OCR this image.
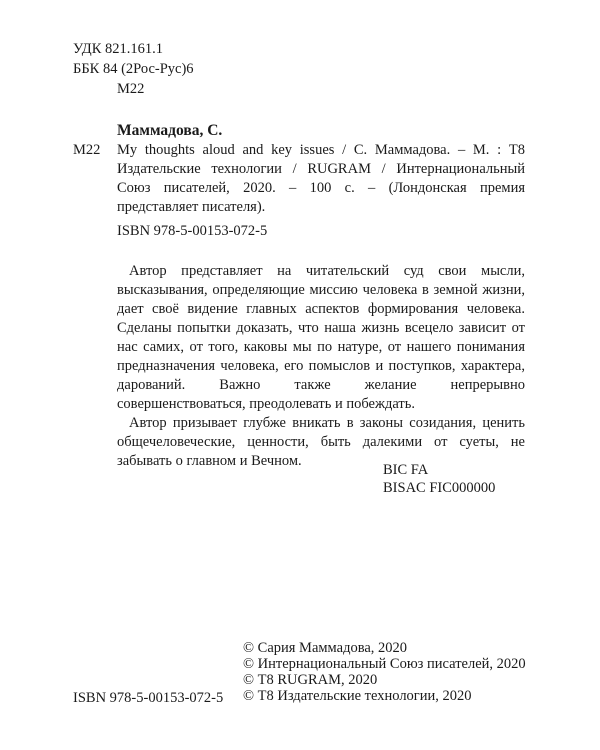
УДК 821.161.1
ББК 84 (2Рос-Рус)6
М22
Маммадова, С.
М22 My thoughts aloud and key issues / С. Маммадова. – М. : Т8 Издательские технологии / RUGRAM / Интернациональный Союз писателей, 2020. – 100 с. – (Лондонская премия представляет писателя).
ISBN 978-5-00153-072-5

Автор представляет на читательский суд свои мысли, высказывания, определяющие миссию человека в земной жизни, дает своё видение главных аспектов формирования человека. Сделаны попытки доказать, что наша жизнь всецело зависит от нас самих, от того, каковы мы по натуре, от нашего понимания предназначения человека, его помыслов и поступков, характера, дарований. Важно также желание непрерывно совершенствоваться, преодолевать и побеждать.

Автор призывает глубже вникать в законы созидания, ценить общечеловеческие, ценности, быть далекими от суеты, не забывать о главном и Вечном.

BIC FA
BISAC FIC000000
ISBN 978-5-00153-072-5
© Сария Маммадова, 2020
© Интернациональный Союз писателей, 2020
© Т8 RUGRAM, 2020
© Т8 Издательские технологии, 2020
